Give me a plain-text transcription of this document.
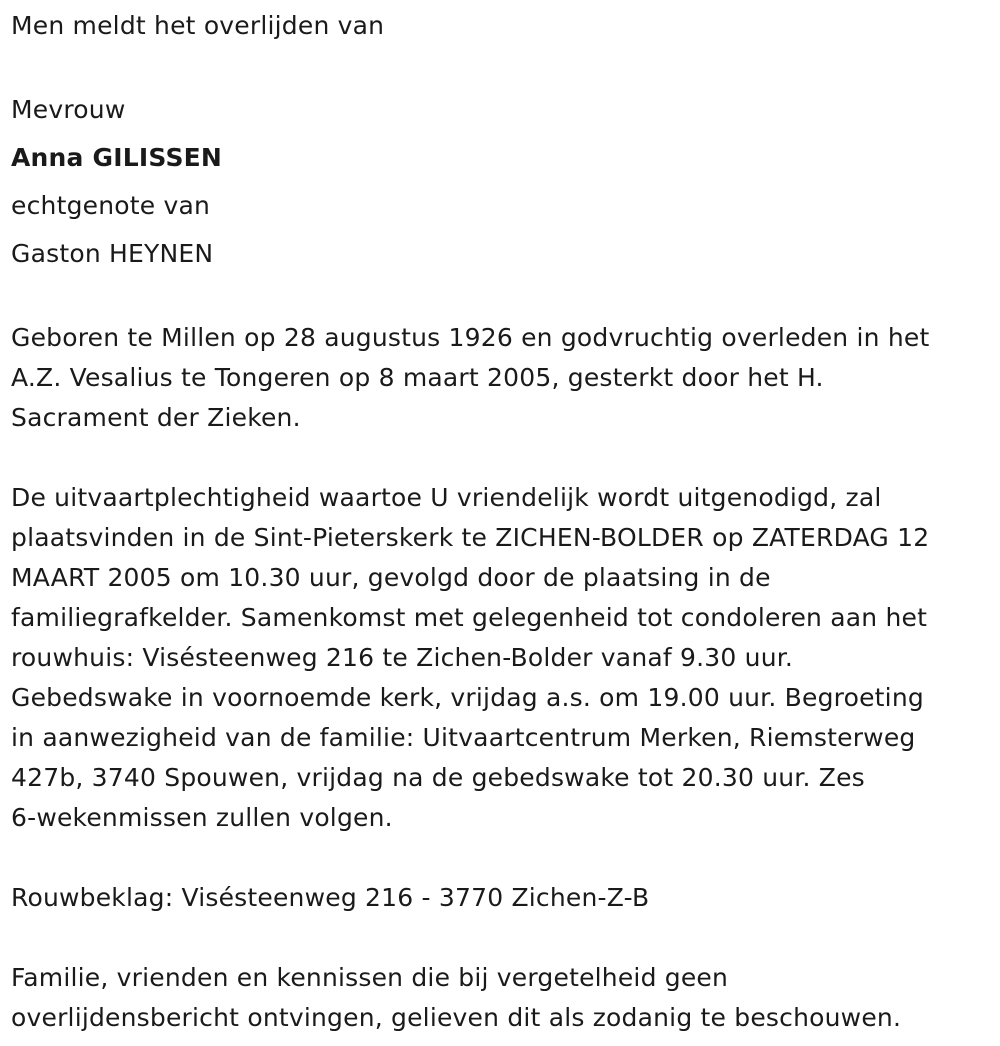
Men meldt het overlijden van
Mevrouw
Anna GILISSEN
echtgenote van
Gaston HEYNEN
Geboren te Millen op 28 augustus 1926 en godvruchtig overleden in het
A.Z. Vesalius te Tongeren op 8 maart 2005, gesterkt door het H.
Sacrament der Zieken.
De uitvaartplechtigheid waartoe U vriendelijk wordt uitgenodigd, zal
plaatsvinden in de Sint-Pieterskerk te ZICHEN-BOLDER op ZATERDAG 12
MAART 2005 om 10.30 uur, gevolgd door de plaatsing in de
familiegrafkelder. Samenkomst met gelegenheid tot condoleren aan het
rouwhuis: Visésteenweg 216 te Zichen-Bolder vanaf 9.30 uur.
Gebedswake in voornoemde kerk, vrijdag a.s. om 19.00 uur. Begroeting
in aanwezigheid van de familie: Uitvaartcentrum Merken, Riemsterweg
427b, 3740 Spouwen, vrijdag na de gebedswake tot 20.30 uur. Zes
6-wekenmissen zullen volgen.
Rouwbeklag: Visésteenweg 216 - 3770 Zichen-Z-B
Familie, vrienden en kennissen die bij vergetelheid geen
overlijdensbericht ontvingen, gelieven dit als zodanig te beschouwen.
